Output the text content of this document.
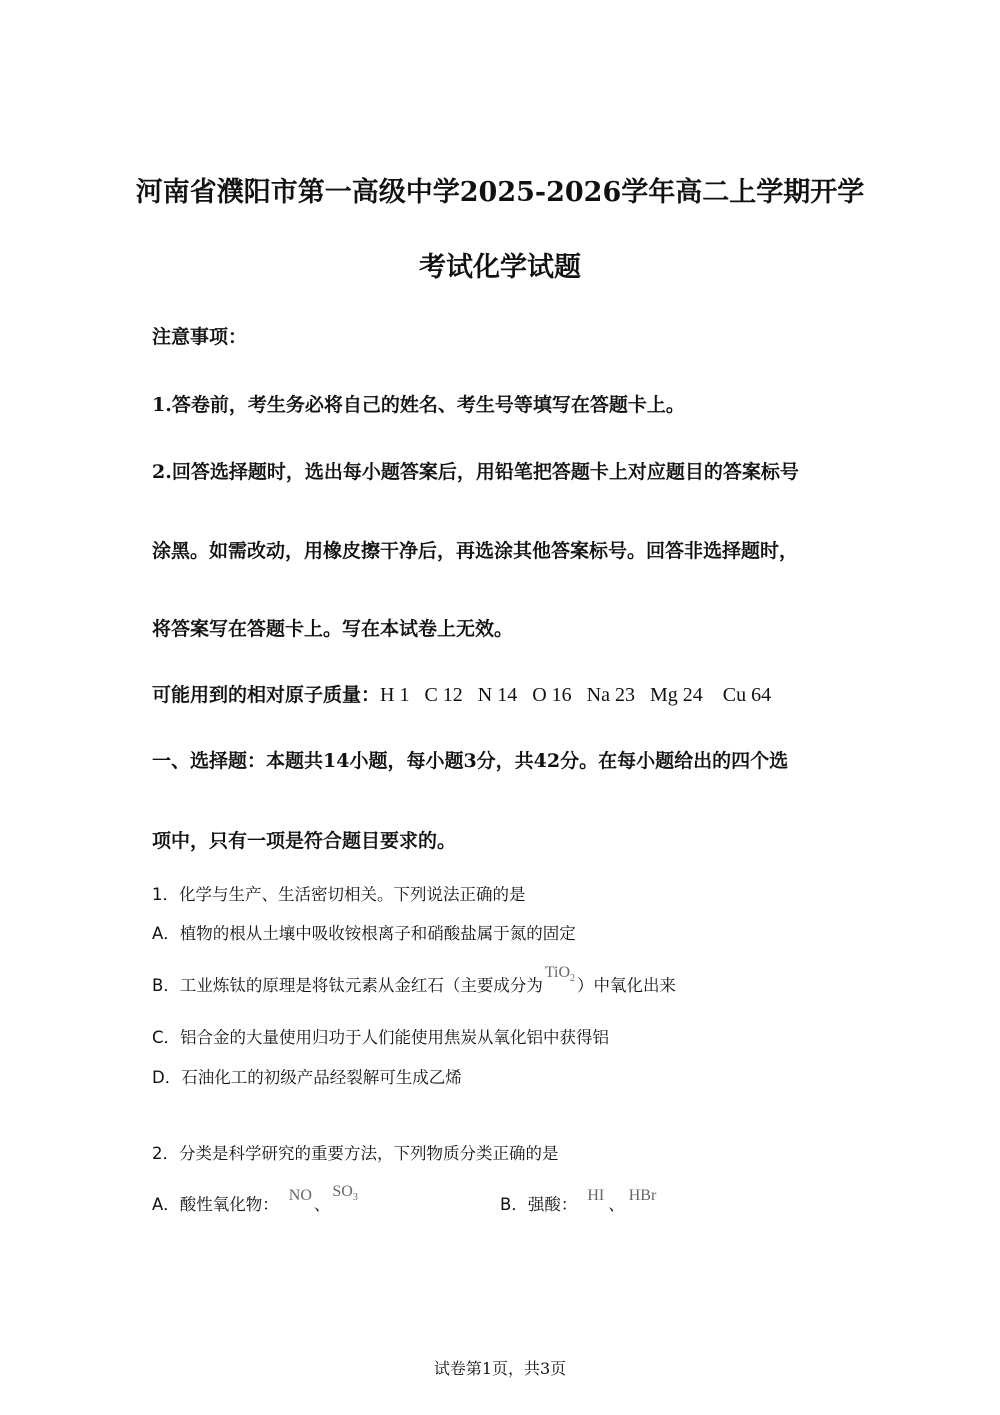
河南省濮阳市第一高级中学2025-2026学年高二上学期开学
考试化学试题
注意事项：
1.答卷前，考生务必将自己的姓名、考生号等填写在答题卡上。
2.回答选择题时，选出每小题答案后，用铅笔把答题卡上对应题目的答案标号
涂黑。如需改动，用橡皮擦干净后，再选涂其他答案标号。回答非选择题时，
将答案写在答题卡上。写在本试卷上无效。
可能用到的相对原子质量：H 1   C 12   N 14   O 16   Na 23   Mg 24    Cu 64
一、选择题：本题共14小题，每小题3分，共42分。在每小题给出的四个选
项中，只有一项是符合题目要求的。
1．化学与生产、生活密切相关。下列说法正确的是
A．植物的根从土壤中吸收铵根离子和硝酸盐属于氮的固定
B．工业炼钛的原理是将钛元素从金红石（主要成分为TiO$_2$ ）中氧化出来
C．铝合金的大量使用归功于人们能使用焦炭从氧化铝中获得铝
D．石油化工的初级产品经裂解可生成乙烯
2．分类是科学研究的重要方法，下列物质分类正确的是
A．酸性氧化物： NO 、$SO_3$	B．强酸： HI 、 HBr
试卷第1页，共3页
